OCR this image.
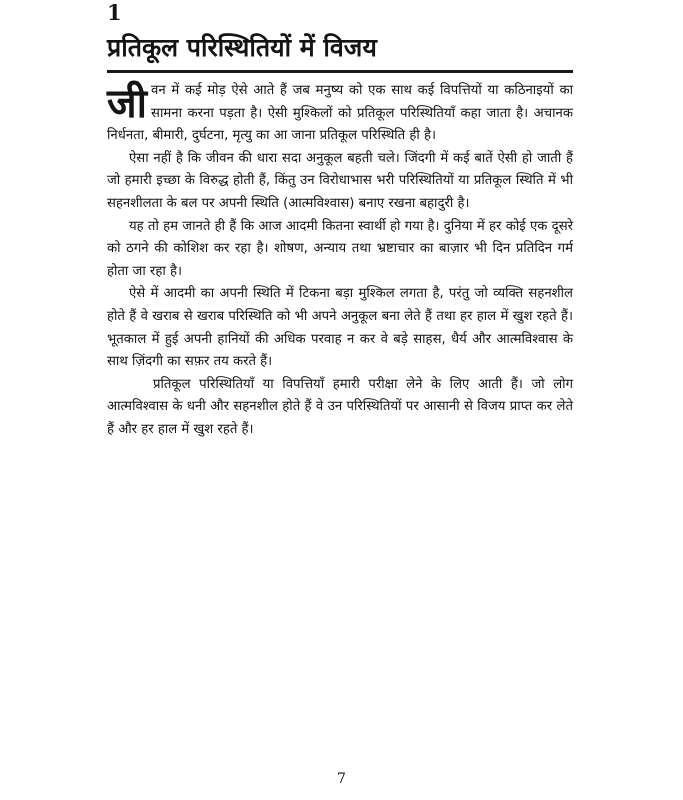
1
प्रतिकूल परिस्थितियों में विजय

जीवन में कई मोड़ ऐसे आते हैं जब मनुष्य को एक साथ कई विपत्तियों या कठिनाइयों का सामना करना पड़ता है। ऐसी मुश्किलों को प्रतिकूल परिस्थितियाँ कहा जाता है। अचानक निर्धनता, बीमारी, दुर्घटना, मृत्यु का आ जाना प्रतिकूल परिस्थिति ही है।

ऐसा नहीं है कि जीवन की धारा सदा अनुकूल बहती चले। जिंदगी में कई बातें ऐसी हो जाती हैं जो हमारी इच्छा के विरुद्ध होती हैं, किंतु उन विरोधाभास भरी परिस्थितियों या प्रतिकूल स्थिति में भी सहनशीलता के बल पर अपनी स्थिति (आत्मविश्वास) बनाए रखना बहादुरी है।

यह तो हम जानते ही हैं कि आज आदमी कितना स्वार्थी हो गया है। दुनिया में हर कोई एक दूसरे को ठगने की कोशिश कर रहा है। शोषण, अन्याय तथा भ्रष्टाचार का बाज़ार भी दिन प्रतिदिन गर्म होता जा रहा है।

ऐसे में आदमी का अपनी स्थिति में टिकना बड़ा मुश्किल लगता है, परंतु जो व्यक्ति सहनशील होते हैं वे खराब से खराब परिस्थिति को भी अपने अनुकूल बना लेते हैं तथा हर हाल में खुश रहते हैं। भूतकाल में हुई अपनी हानियों की अधिक परवाह न कर वे बड़े साहस, धैर्य और आत्मविश्वास के साथ ज़िंदगी का सफ़र तय करते हैं।

प्रतिकूल परिस्थितियाँ या विपत्तियाँ हमारी परीक्षा लेने के लिए आती हैं। जो लोग आत्मविश्वास के धनी और सहनशील होते हैं वे उन परिस्थितियों पर आसानी से विजय प्राप्त कर लेते हैं और हर हाल में खुश रहते हैं।

7
